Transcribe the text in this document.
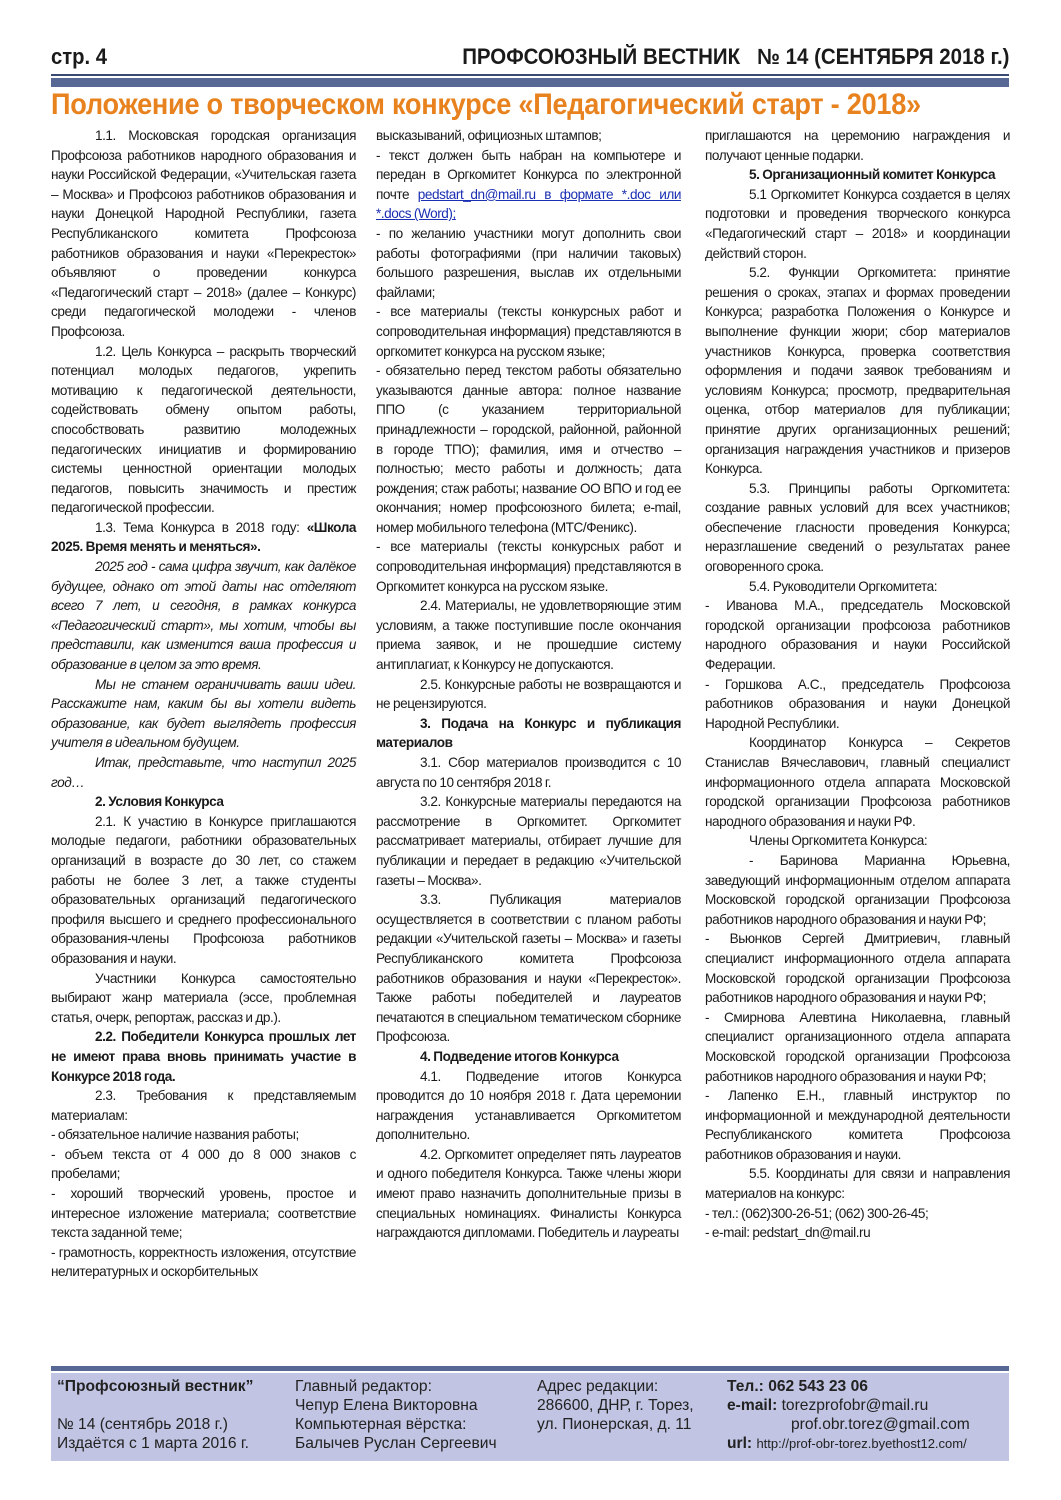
стр. 4	ПРОФСОЮЗНЫЙ ВЕСТНИК   № 14 (СЕНТЯБРЯ 2018 г.)
Положение о творческом конкурсе «Педагогический старт - 2018»

1.1. Московская городская организация Профсоюза работников народного образования и науки Российской Федерации, «Учительская газета – Москва» и Профсоюз работников образования и науки Донецкой Народной Республики, газета Республиканского комитета Профсоюза работников образования и науки «Перекресток» объявляют о проведении конкурса «Педагогический старт – 2018» (далее – Конкурс) среди педагогической молодежи - членов Профсоюза.

1.2. Цель Конкурса – раскрыть творческий потенциал молодых педагогов, укрепить мотивацию к педагогической деятельности, содействовать обмену опытом работы, способствовать развитию молодежных педагогических инициатив и формированию системы ценностной ориентации молодых педагогов, повысить значимость и престиж педагогической профессии.

1.3. Тема Конкурса в 2018 году: «Школа 2025. Время менять и меняться».

2025 год - сама цифра звучит, как далёкое будущее, однако от этой даты нас отделяют всего 7 лет, и сегодня, в рамках конкурса «Педагогический старт», мы хотим, чтобы вы представили, как изменится ваша профессия и образование в целом за это время.

Мы не станем ограничивать ваши идеи. Расскажите нам, каким бы вы хотели видеть образование, как будет выглядеть профессия учителя в идеальном будущем.

Итак, представьте, что наступил 2025 год…

2. Условия Конкурса

2.1. К участию в Конкурсе приглашаются молодые педагоги, работники образовательных организаций в возрасте до 30 лет, со стажем работы не более 3 лет, а также студенты образовательных организаций педагогического профиля высшего и среднего профессионального образования-члены Профсоюза работников образования и науки.

Участники Конкурса самостоятельно выбирают жанр материала (эссе, проблемная статья, очерк, репортаж, рассказ и др.).

2.2. Победители Конкурса прошлых лет не имеют права вновь принимать участие в Конкурсе 2018 года.

2.3. Требования к представляемым материалам:

- обязательное наличие названия работы;

- объем текста от 4 000 до 8 000 знаков с пробелами;

- хороший творческий уровень, простое и интересное изложение материала; соответствие текста заданной теме;

- грамотность, корректность изложения, отсутствие нелитературных и оскорбительных

высказываний, официозных штампов;

- текст должен быть набран на компьютере и передан в Оргкомитет Конкурса по электронной почте pedstart_dn@mail.ru в формате *.doc или *.docs (Word);

- по желанию участники могут дополнить свои работы фотографиями (при наличии таковых) большого разрешения, выслав их отдельными файлами;

- все материалы (тексты конкурсных работ и сопроводительная информация) представляются в оргкомитет конкурса на русском языке;

- обязательно перед текстом работы обязательно указываются данные автора: полное название ППО (с указанием территориальной принадлежности – городской, районной, районной в городе ТПО); фамилия, имя и отчество – полностью; место работы и должность; дата рождения; стаж работы; название ОО ВПО и год ее окончания; номер профсоюзного билета; e-mail, номер мобильного телефона (МТС/Феникс).

- все материалы (тексты конкурсных работ и сопроводительная информация) представляются в Оргкомитет конкурса на русском языке.

2.4. Материалы, не удовлетворяющие этим условиям, а также поступившие после окончания приема заявок, и не прошедшие систему антиплагиат, к Конкурсу не допускаются.

2.5. Конкурсные работы не возвращаются и не рецензируются.

3. Подача на Конкурс и публикация материалов

3.1. Сбор материалов производится с 10 августа по 10 сентября 2018 г.

3.2. Конкурсные материалы передаются на рассмотрение в Оргкомитет. Оргкомитет рассматривает материалы, отбирает лучшие для публикации и передает в редакцию «Учительской газеты – Москва».

3.3. Публикация материалов осуществляется в соответствии с планом работы редакции «Учительской газеты – Москва» и газеты Республиканского комитета Профсоюза работников образования и науки «Перекресток». Также работы победителей и лауреатов печатаются в специальном тематическом сборнике Профсоюза.

4. Подведение итогов Конкурса

4.1. Подведение итогов Конкурса проводится до 10 ноября 2018 г. Дата церемонии награждения устанавливается Оргкомитетом дополнительно.

4.2. Оргкомитет определяет пять лауреатов и одного победителя Конкурса. Также члены жюри имеют право назначить дополнительные призы в специальных номинациях. Финалисты Конкурса награждаются дипломами. Победитель и лауреаты

приглашаются на церемонию награждения и получают ценные подарки.

5. Организационный комитет Конкурса

5.1 Оргкомитет Конкурса создается в целях подготовки и проведения творческого конкурса «Педагогический старт – 2018» и координации действий сторон.

5.2. Функции Оргкомитета: принятие решения о сроках, этапах и формах проведении Конкурса; разработка Положения о Конкурсе и выполнение функции жюри; сбор материалов участников Конкурса, проверка соответствия оформления и подачи заявок требованиям и условиям Конкурса; просмотр, предварительная оценка, отбор материалов для публикации; принятие других организационных решений; организация награждения участников и призеров Конкурса.

5.3. Принципы работы Оргкомитета: создание равных условий для всех участников; обеспечение гласности проведения Конкурса; неразглашение сведений о результатах ранее оговоренного срока.

5.4. Руководители Оргкомитета:

- Иванова М.А., председатель Московской городской организации профсоюза работников народного образования и науки Российской Федерации.

- Горшкова А.С., председатель Профсоюза работников образования и науки Донецкой Народной Республики.

Координатор Конкурса – Секретов Станислав Вячеславович, главный специалист информационного отдела аппарата Московской городской организации Профсоюза работников народного образования и науки РФ.

Члены Оргкомитета Конкурса:

- Баринова Марианна Юрьевна, заведующий информационным отделом аппарата Московской городской организации Профсоюза работников народного образования и науки РФ;

- Вьюнков Сергей Дмитриевич, главный специалист информационного отдела аппарата Московской городской организации Профсоюза работников народного образования и науки РФ;

- Смирнова Алевтина Николаевна, главный специалист организационного отдела аппарата Московской городской организации Профсоюза работников народного образования и науки РФ;

- Лапенко Е.Н., главный инструктор по информационной и международной деятельности Республиканского комитета Профсоюза работников образования и науки.

5.5. Координаты для связи и направления материалов на конкурс:

- тел.: (062)300-26-51; (062) 300-26-45;

- e-mail: pedstart_dn@mail.ru

“Профсоюзный вестник”

№ 14 (сентябрь 2018 г.)
Издаётся с 1 марта 2016 г.
Главный редактор:
Чепур Елена Викторовна
Компьютерная вёрстка:
Балычев Руслан Сергеевич
Адрес редакции:
286600, ДНР, г. Торез,
ул. Пионерская, д. 11
Тел.: 062 543 23 06
e-mail: torezprofobr@mail.ru
prof.obr.torez@gmail.com
url: http://prof-obr-torez.byethost12.com/
